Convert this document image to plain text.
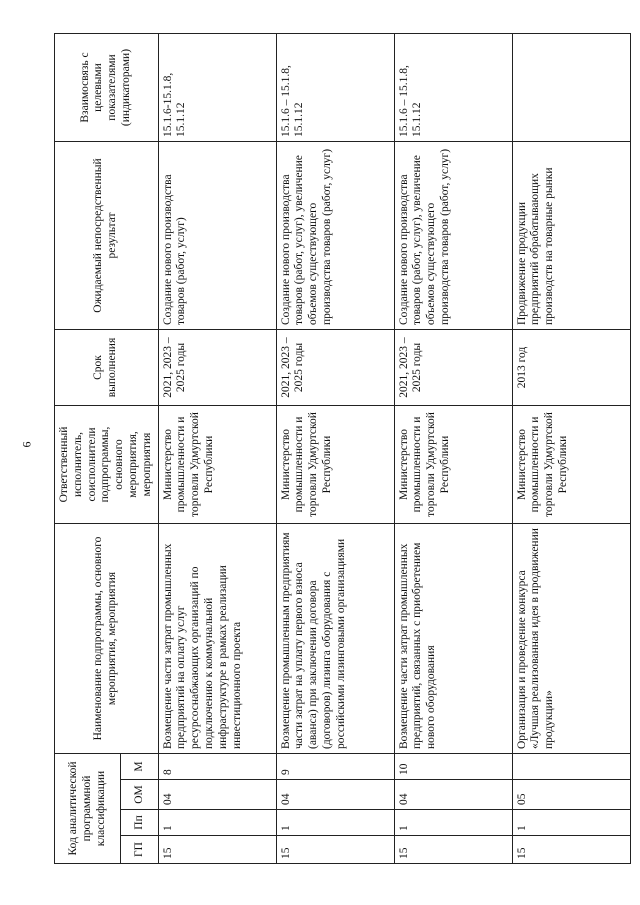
6
Код аналитической программной классификации				Наименование подпрограммы, основного мероприятия, мероприятия	Ответственный исполнитель, соисполнители подпрограммы, основного мероприятия, мероприятия	Срок выполнения	Ожидаемый непосредственный результат	Взаимосвязь с целевыми показателями (индикаторами)
ГП	Пп	ОМ	М					
15	1	04	8	Возмещение части затрат промышленных предприятий на оплату услуг ресурсоснабжающих организаций по подключению к коммунальной инфраструктуре в рамках реализации инвестиционного проекта	Министерство промышленности и торговли Удмуртской Республики	2021, 2023 – 2025 годы	Создание нового производства товаров (работ, услуг)	15.1.6-15.1.8, 15.1.12
15	1	04	9	Возмещение промышленным предприятиям части затрат на уплату первого взноса (аванса) при заключении договора (договоров) лизинга оборудования с российскими лизинговыми организациями	Министерство промышленности и торговли Удмуртской Республики	2021, 2023 – 2025 годы	Создание нового производства товаров (работ, услуг), увеличение объемов существующего производства товаров (работ, услуг)	15.1.6 – 15.1.8, 15.1.12
15	1	04	10	Возмещение части затрат промышленных предприятий, связанных с приобретением нового оборудования	Министерство промышленности и торговли Удмуртской Республики	2021, 2023 – 2025 годы	Создание нового производства товаров (работ, услуг), увеличение объемов существующего производства товаров (работ, услуг)	15.1.6 – 15.1.8, 15.1.12
15	1	05		Организация и проведение конкурса «Лучшая реализованная идея в продвижении продукции»	Министерство промышленности и торговли Удмуртской Республики	2013 год	Продвижение продукции предприятий обрабатывающих производств на товарные рынки	
